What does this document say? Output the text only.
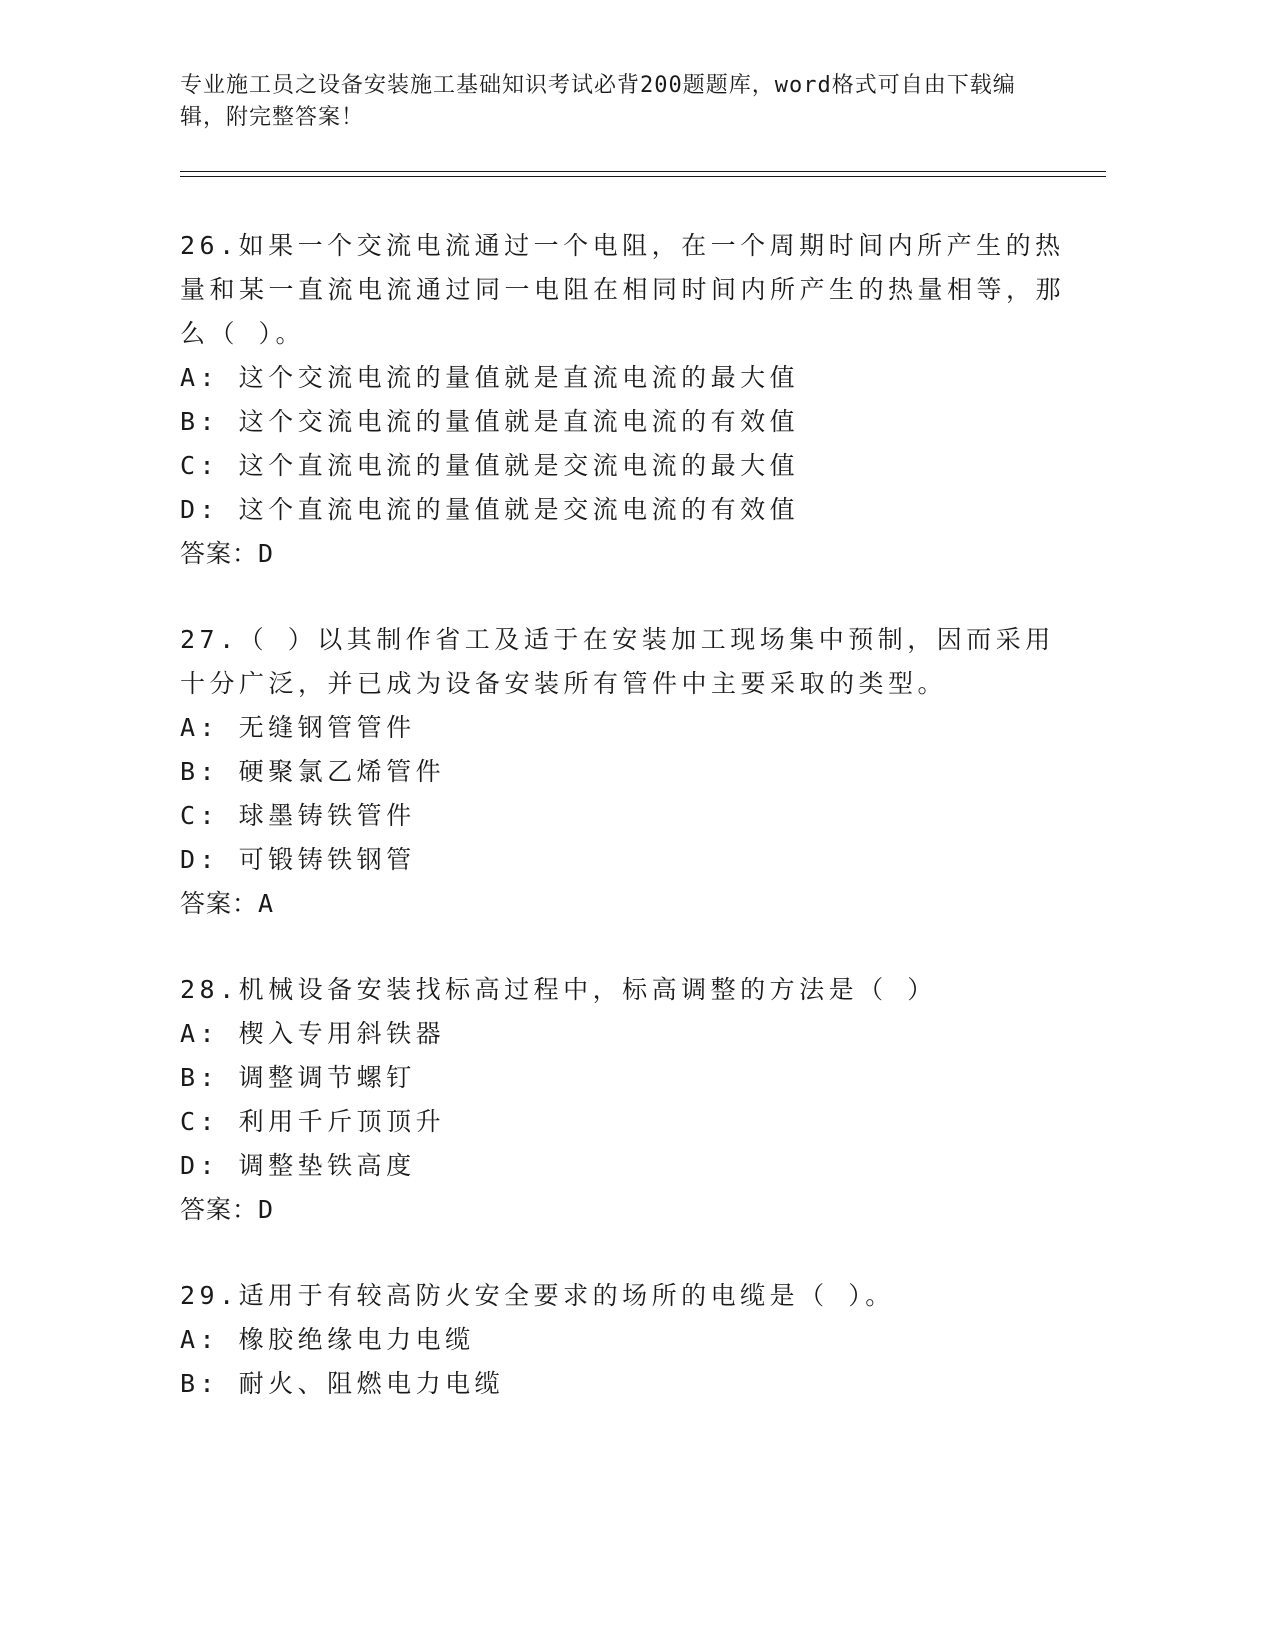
专业施工员之设备安装施工基础知识考试必背200题题库，word格式可自由下载编辑，附完整答案！
26.如果一个交流电流通过一个电阻，在一个周期时间内所产生的热量和某一直流电流通过同一电阻在相同时间内所产生的热量相等，那么（ ）。
A: 这个交流电流的量值就是直流电流的最大值
B: 这个交流电流的量值就是直流电流的有效值
C: 这个直流电流的量值就是交流电流的最大值
D: 这个直流电流的量值就是交流电流的有效值
答案：D
27.（ ）以其制作省工及适于在安装加工现场集中预制，因而采用十分广泛，并已成为设备安装所有管件中主要采取的类型。
A: 无缝钢管管件
B: 硬聚氯乙烯管件
C: 球墨铸铁管件
D: 可锻铸铁钢管
答案：A
28.机械设备安装找标高过程中，标高调整的方法是（ ）
A: 楔入专用斜铁器
B: 调整调节螺钉
C: 利用千斤顶顶升
D: 调整垫铁高度
答案：D
29.适用于有较高防火安全要求的场所的电缆是（ ）。
A: 橡胶绝缘电力电缆
B: 耐火、阻燃电力电缆
